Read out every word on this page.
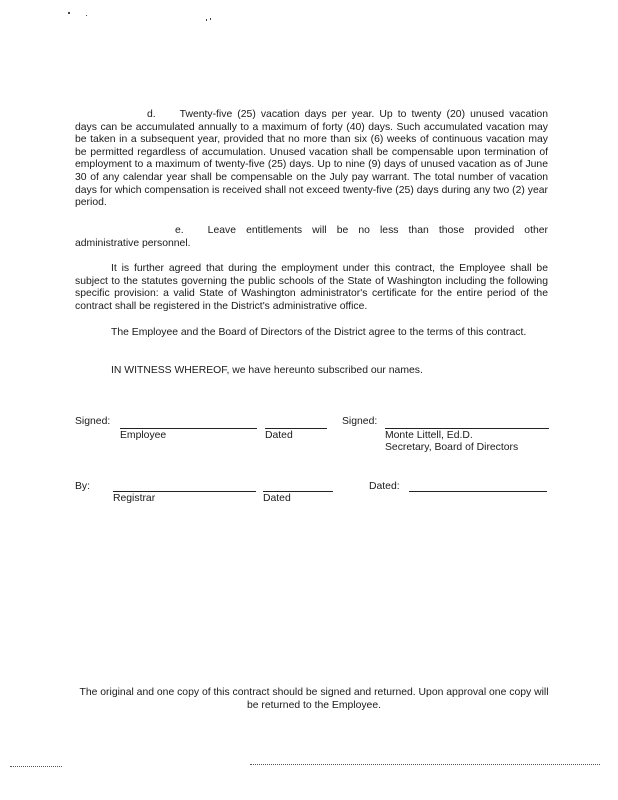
d. Twenty-five (25) vacation days per year. Up to twenty (20) unused vacation days can be accumulated annually to a maximum of forty (40) days. Such accumulated vacation may be taken in a subsequent year, provided that no more than six (6) weeks of continuous vacation may be permitted regardless of accumulation. Unused vacation shall be compensable upon termination of employment to a maximum of twenty-five (25) days. Up to nine (9) days of unused vacation as of June 30 of any calendar year shall be compensable on the July pay warrant. The total number of vacation days for which compensation is received shall not exceed twenty-five (25) days during any two (2) year period.

e. Leave entitlements will be no less than those provided other administrative personnel.

It is further agreed that during the employment under this contract, the Employee shall be subject to the statutes governing the public schools of the State of Washington including the following specific provision: a valid State of Washington administrator's certificate for the entire period of the contract shall be registered in the District's administrative office.

The Employee and the Board of Directors of the District agree to the terms of this contract.

IN WITNESS WHEREOF, we have hereunto subscribed our names.

Signed:
Employee	Dated
Signed:
Monte Littell, Ed.D.
Secretary, Board of Directors
By:
Registrar	Dated
Dated:

The original and one copy of this contract should be signed and returned. Upon approval one copy will be returned to the Employee.
